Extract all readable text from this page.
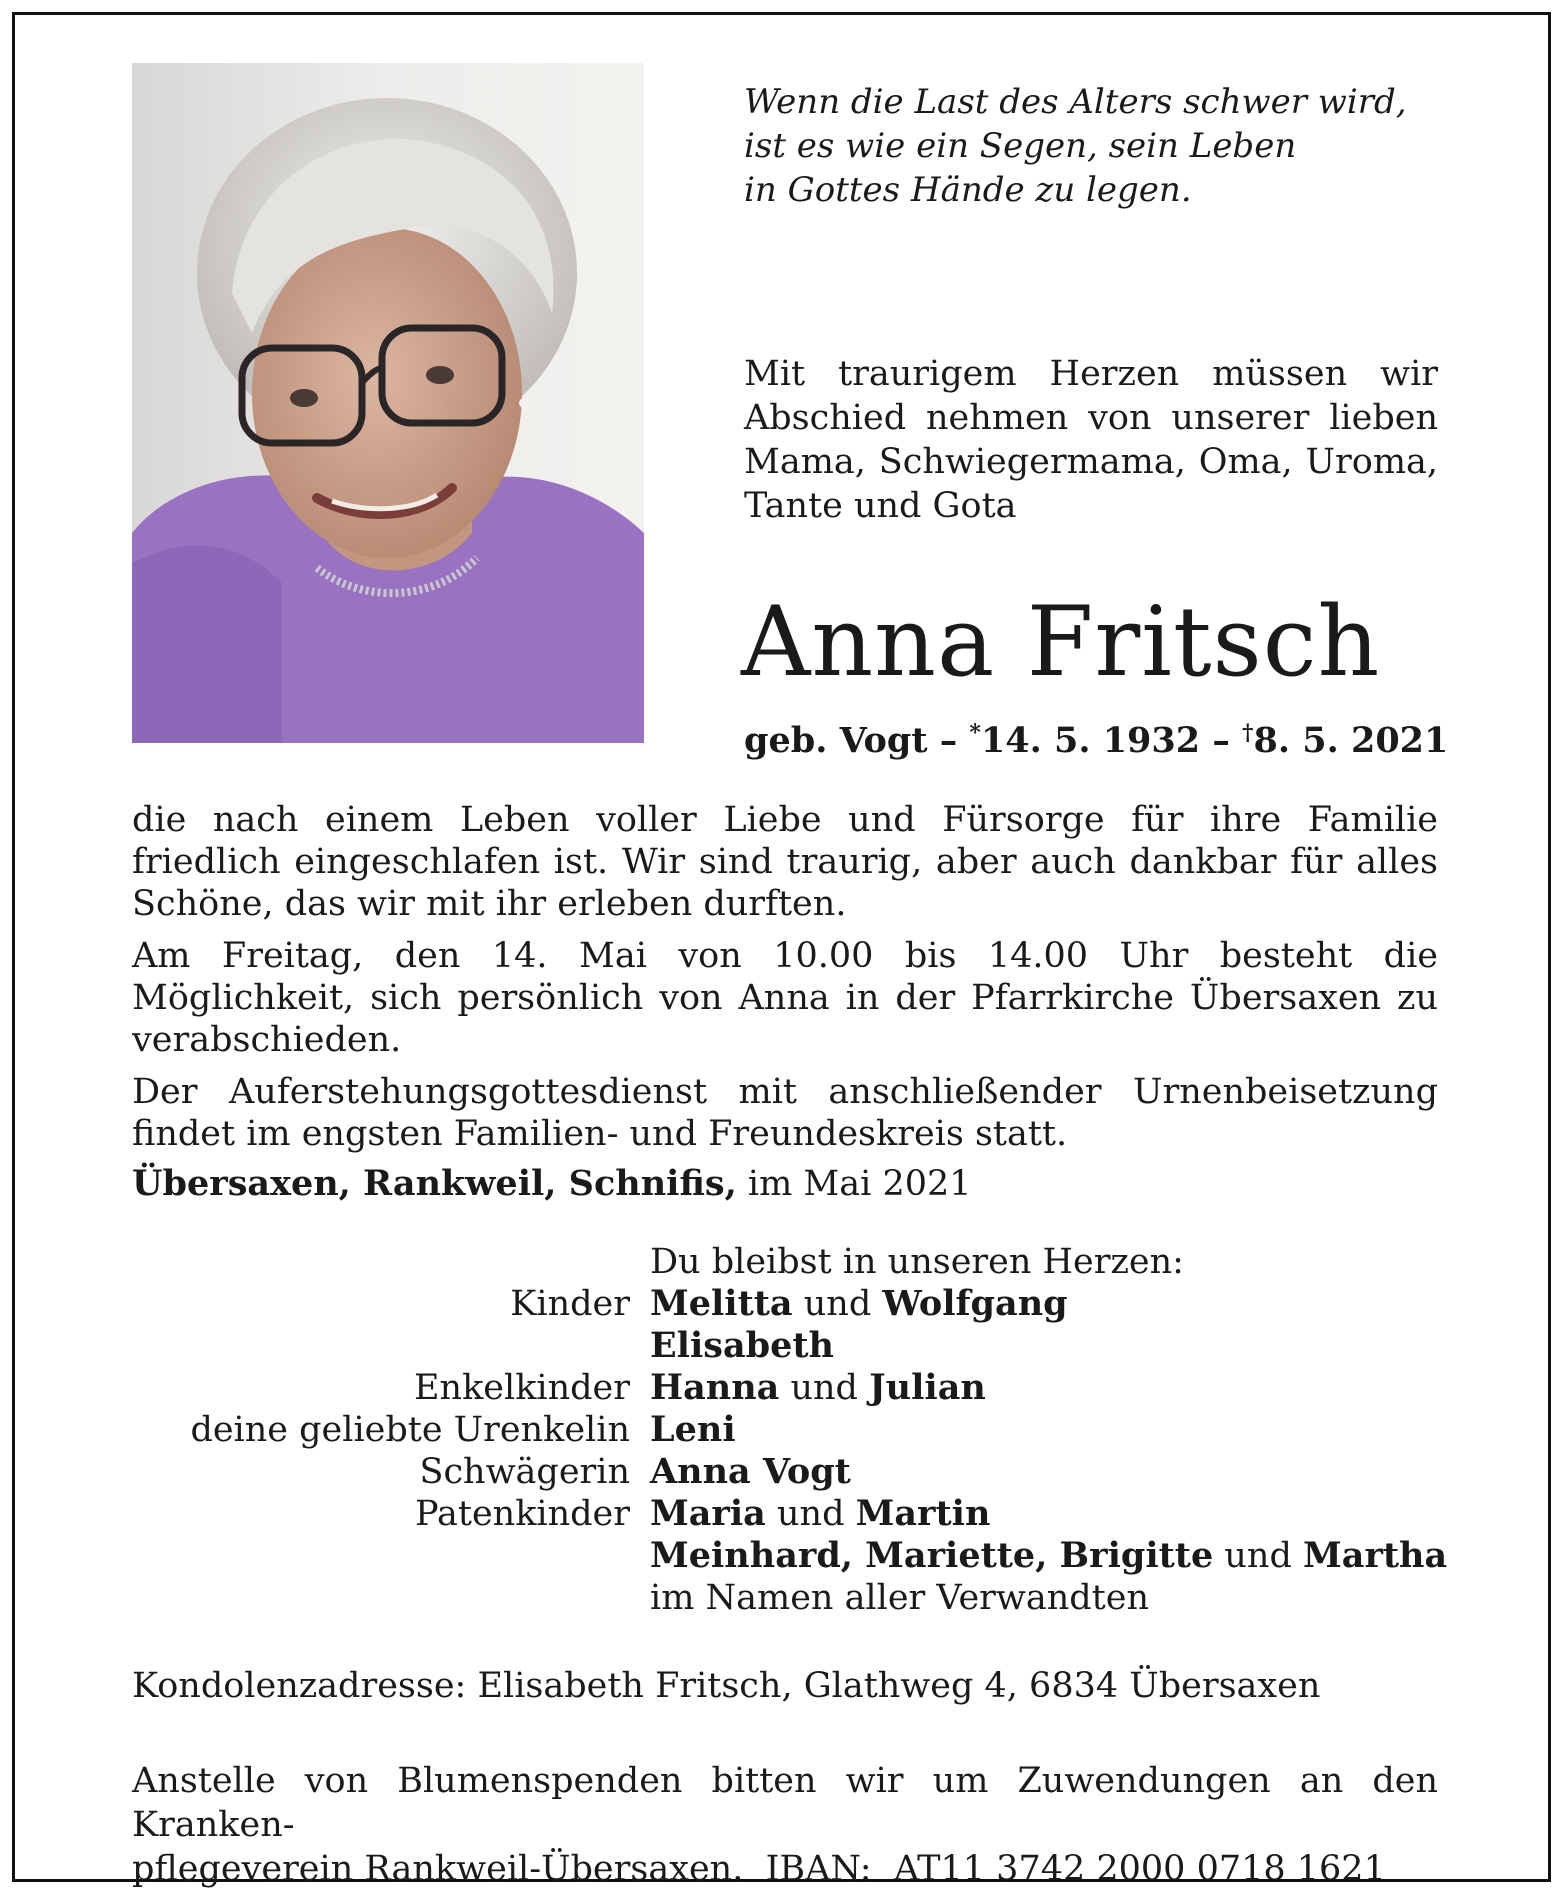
Wenn die Last des Alters schwer wird,
ist es wie ein Segen, sein Leben
in Gottes Hände zu legen.
Mit traurigem Herzen müssen wir
Abschied nehmen von unserer lieben
Mama, Schwiegermama, Oma, Uroma,
Tante und Gota
Anna Fritsch
geb. Vogt – *14. 5. 1932 – †8. 5. 2021

die nach einem Leben voller Liebe und Fürsorge für ihre Familie friedlich eingeschlafen ist. Wir sind traurig, aber auch dankbar für alles Schöne, das wir mit ihr erleben durften.

Am Freitag, den 14. Mai von 10.00 bis 14.00 Uhr besteht die Möglichkeit, sich persönlich von Anna in der Pfarrkirche Übersaxen zu verabschieden.

Der Auferstehungsgottesdienst mit anschließender Urnenbeisetzung findet im engsten Familien- und Freundeskreis statt.

Übersaxen, Rankweil, Schnifis, im Mai 2021
Du bleibst in unseren Herzen:
Kinder Melitta und Wolfgang
Elisabeth
Enkelkinder Hanna und Julian
deine geliebte Urenkelin Leni
Schwägerin Anna Vogt
Patenkinder Maria und Martin
Meinhard, Mariette, Brigitte und Martha
im Namen aller Verwandten
Kondolenzadresse: Elisabeth Fritsch, Glathweg 4, 6834 Übersaxen
Anstelle von Blumenspenden bitten wir um Zuwendungen an den Kranken-
pflegeverein Rankweil-Übersaxen.  IBAN:  AT11 3742 2000 0718 1621
